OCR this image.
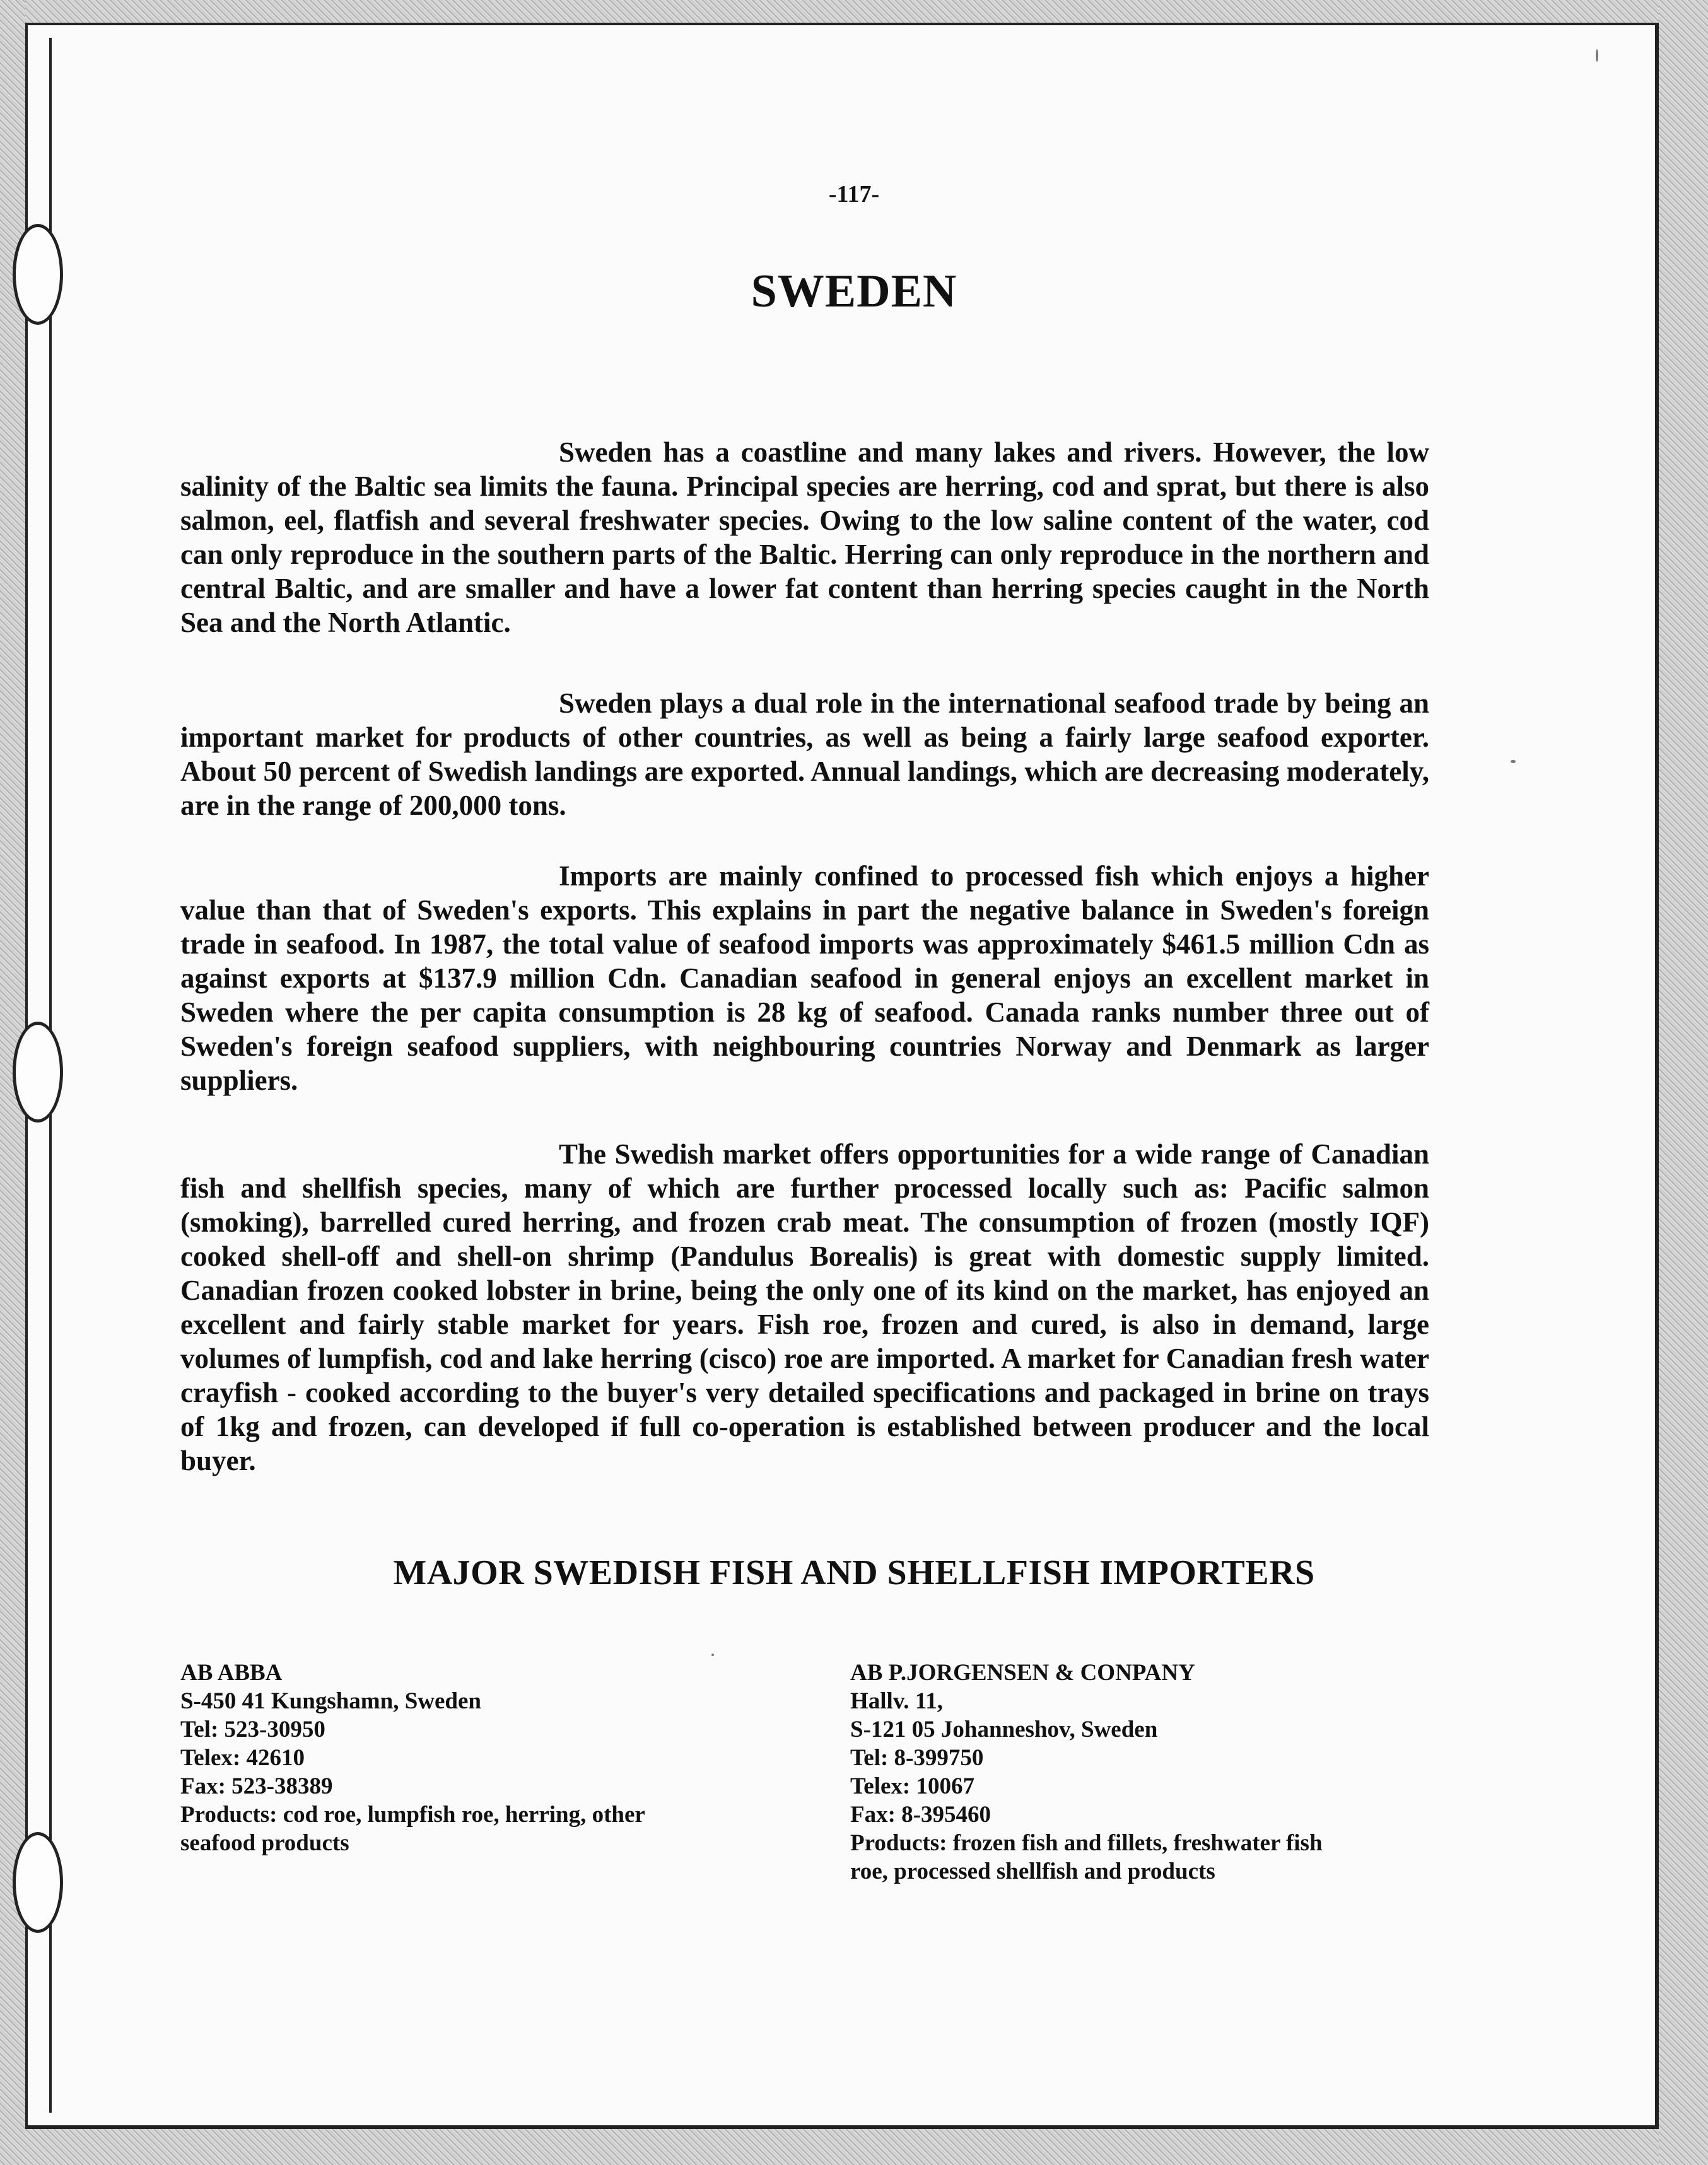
-117-
SWEDEN

Sweden has a coastline and many lakes and rivers. However, the low salinity of the Baltic sea limits the fauna. Principal species are herring, cod and sprat, but there is also salmon, eel, flatfish and several freshwater species. Owing to the low saline content of the water, cod can only reproduce in the southern parts of the Baltic. Herring can only reproduce in the northern and central Baltic, and are smaller and have a lower fat content than herring species caught in the North Sea and the North Atlantic.

Sweden plays a dual role in the international seafood trade by being an important market for products of other countries, as well as being a fairly large seafood exporter. About 50 percent of Swedish landings are exported. Annual landings, which are decreasing moderately, are in the range of 200,000 tons.

Imports are mainly confined to processed fish which enjoys a higher value than that of Sweden's exports. This explains in part the negative balance in Sweden's foreign trade in seafood. In 1987, the total value of seafood imports was approximately $461.5 million Cdn as against exports at $137.9 million Cdn. Canadian seafood in general enjoys an excellent market in Sweden where the per capita consumption is 28 kg of seafood. Canada ranks number three out of Sweden's foreign seafood suppliers, with neighbouring countries Norway and Denmark as larger suppliers.

The Swedish market offers opportunities for a wide range of Canadian fish and shellfish species, many of which are further processed locally such as: Pacific salmon (smoking), barrelled cured herring, and frozen crab meat. The consumption of frozen (mostly IQF) cooked shell-off and shell-on shrimp (Pandulus Borealis) is great with domestic supply limited. Canadian frozen cooked lobster in brine, being the only one of its kind on the market, has enjoyed an excellent and fairly stable market for years. Fish roe, frozen and cured, is also in demand, large volumes of lumpfish, cod and lake herring (cisco) roe are imported. A market for Canadian fresh water crayfish - cooked according to the buyer's very detailed specifications and packaged in brine on trays of 1kg and frozen, can developed if full co-operation is established between producer and the local buyer.

MAJOR SWEDISH FISH AND SHELLFISH IMPORTERS
AB ABBA
S-450 41 Kungshamn, Sweden
Tel: 523-30950
Telex: 42610
Fax: 523-38389
Products: cod roe, lumpfish roe, herring, other
seafood products
AB P.JORGENSEN & CONPANY
Hallv. 11,
S-121 05 Johanneshov, Sweden
Tel: 8-399750
Telex: 10067
Fax: 8-395460
Products: frozen fish and fillets, freshwater fish
roe, processed shellfish and products
